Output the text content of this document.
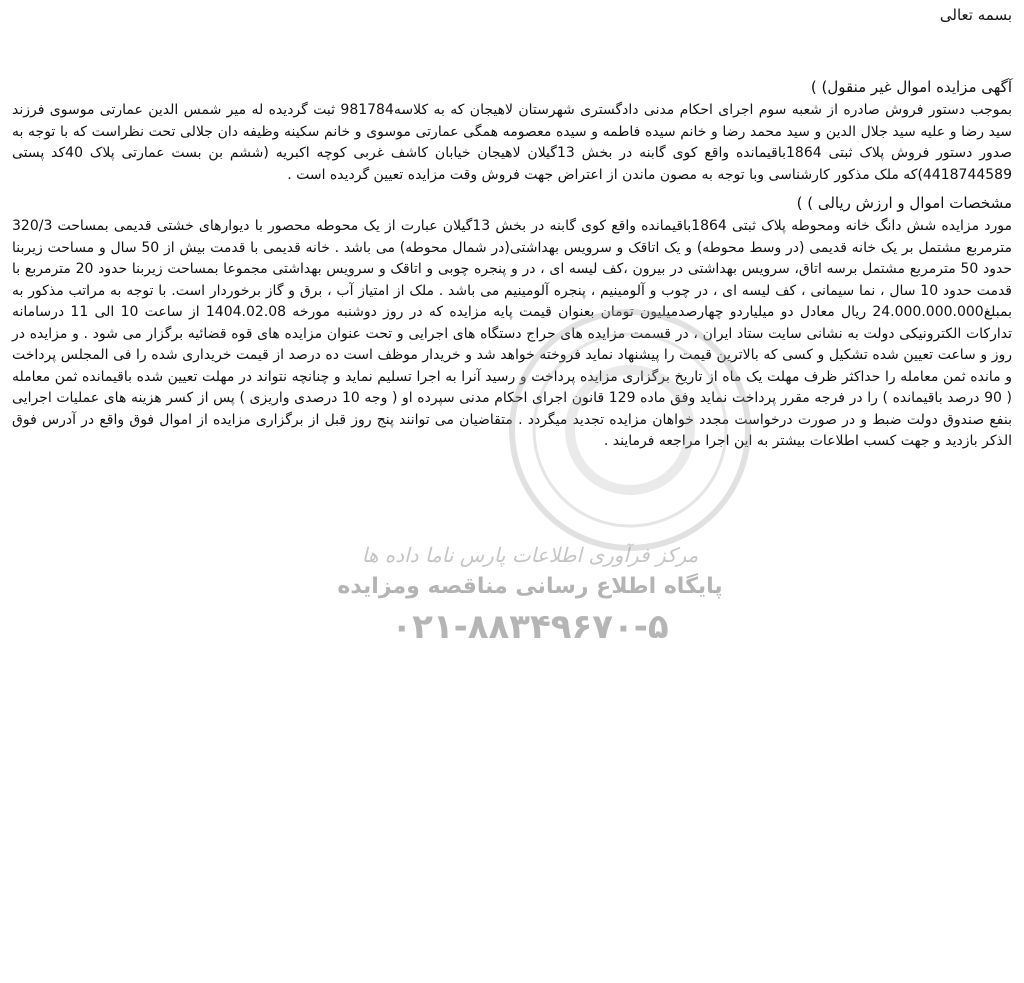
بسمه تعالی

آگهی مزایده اموال غیر منقول) )

بموجب دستور فروش صادره از شعبه سوم اجرای احکام مدنی دادگستری شهرستان لاهیجان که به کلاسه981784 ثبت گردیده له میر شمس الدین عمارتی موسوی فرزند سید رضا و علیه سید جلال الدین و سید محمد رضا و خانم سیده فاطمه و سیده معصومه همگی عمارتی موسوی و خانم سکینه وظیفه دان جلالی تحت نظراست که با توجه به صدور دستور فروش پلاک ثبتی 1864باقیمانده واقع کوی گابنه در بخش 13گیلان لاهیجان خیابان کاشف غربی کوچه اکبریه (ششم بن بست عمارتی پلاک 40کد پستی 4418744589)که ملک مذکور کارشناسی وبا توجه به مصون ماندن از اعتراض جهت فروش وقت مزایده تعیین گردیده است .

مشخصات اموال و ارزش ریالی ) )

مورد مزایده شش دانگ خانه ومحوطه پلاک ثبتی 1864باقیمانده واقع کوی گابنه در بخش 13گیلان عبارت از یک محوطه محصور با دیوارهای خشتی قدیمی بمساحت 320/3 مترمربع مشتمل بر یک خانه قدیمی (در وسط محوطه) و یک اتاقک و سرویس بهداشتی(در شمال محوطه) می باشد . خانه قدیمی با قدمت بیش از 50 سال و مساحت زیربنا حدود 50 مترمربع مشتمل برسه اتاق، سرویس بهداشتی در بیرون ،کف لیسه ای ، در و پنجره چوبی و اتاقک و سرویس بهداشتی مجموعا بمساحت زیربنا حدود 20 مترمربع با قدمت حدود 10 سال ، نما سیمانی ، کف لیسه ای ، در چوب و آلومینیم ، پنجره آلومینیم می باشد . ملک از امتیاز آب ، برق و گاز برخوردار است. با توجه به مراتب مذکور به بمبلغ24.000.000.000 ریال معادل دو میلیاردو چهارصدمیلیون تومان بعنوان قیمت پایه مزایده که در روز دوشنبه مورخه 1404.02.08 از ساعت 10 الی 11 درسامانه تدارکات الکترونیکی دولت به نشانی سایت ستاد ایران ، در قسمت مزایده های حراج دستگاه های اجرایی و تحت عنوان مزایده های قوه قضائیه برگزار می شود . و مزایده در روز و ساعت تعیین شده تشکیل و کسی که بالاترین قیمت را پیشنهاد نماید فروخته خواهد شد و خریدار موظف است ده درصد از قیمت خریداری شده را فی المجلس پرداخت و مانده ثمن معامله را حداکثر ظرف مهلت یک ماه از تاریخ برگزاری مزایده پرداخت و رسید آنرا به اجرا تسلیم نماید و چنانچه نتواند در مهلت تعیین شده باقیمانده ثمن معامله ( 90 درصد باقیمانده ) را در فرجه مقرر پرداخت نماید وفق ماده 129 قانون اجرای احکام مدنی سپرده او ( وجه 10 درصدی واریزی ) پس از کسر هزینه های عملیات اجرایی بنفع صندوق دولت ضبط و در صورت درخواست مجدد خواهان مزایده تجدید میگردد . متقاضیان می توانند پنج روز قبل از برگزاری مزایده از اموال فوق واقع در آدرس فوق الذکر بازدید و جهت کسب اطلاعات بیشتر به این اجرا مراجعه فرمایند .

مرکز فرآوری اطلاعات پارس ناما داده ها
پایگاه اطلاع رسانی مناقصه ومزایده
۰۲۱-۸۸۳۴۹۶۷۰-۵
